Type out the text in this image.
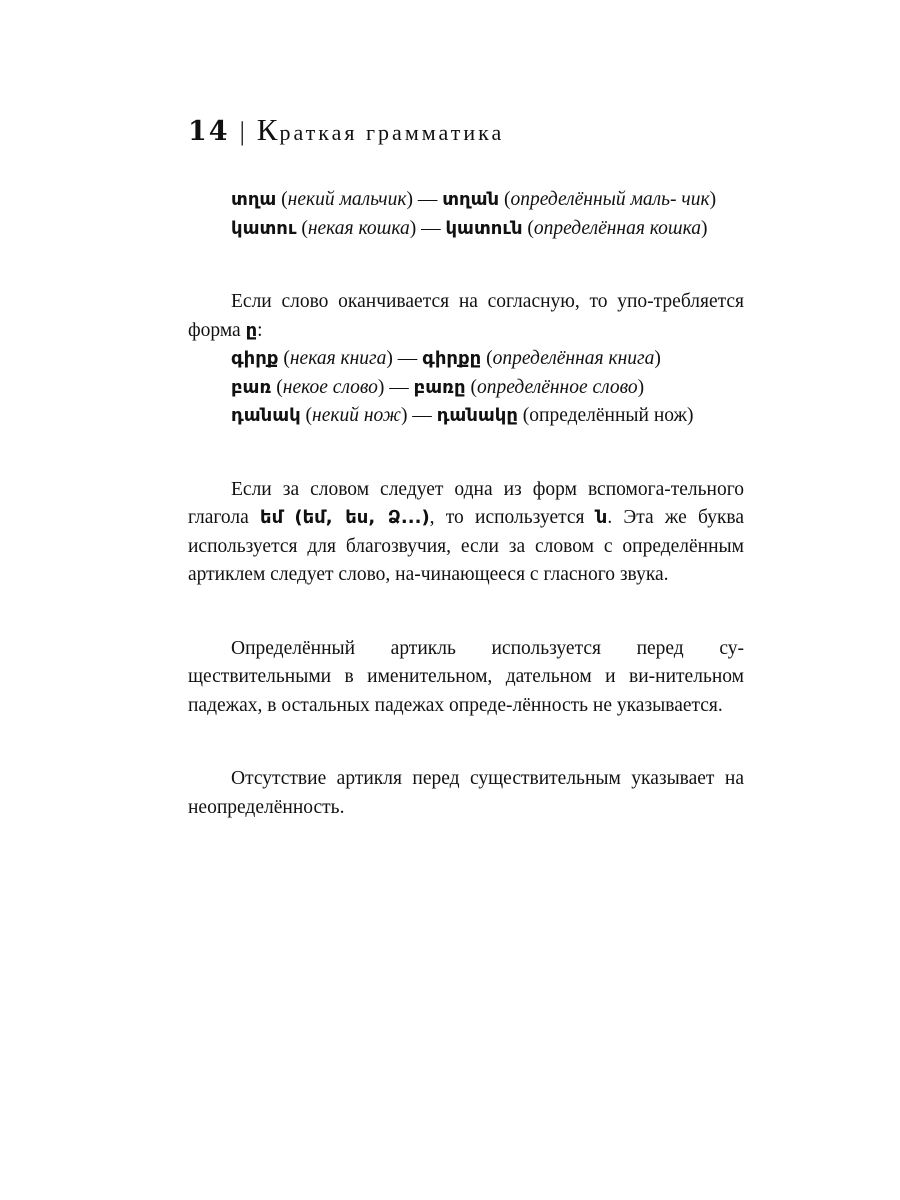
14 | Краткая грамматика

տղա (некий мальчик) — տղան (определённый маль- чик)

կատու (некая кошка) — կատուն (определённая кошка)

Если слово оканчивается на согласную, то упо-требляется форма ը:

գիրք (некая книга) — գիրքը (определённая книга)

բառ (некое слово) — բառը (определённое слово)

դանակ (некий нож) — դանակը (определённый нож)

Если за словом следует одна из форм вспомога-тельного глагола եմ (եմ, ես, Ձ...), то используется ն. Эта же буква используется для благозвучия, если за словом с определённым артиклем следует слово, на-чинающееся с гласного звука.

Определённый артикль используется перед су-ществительными в именительном, дательном и ви-нительном падежах, в остальных падежах опреде-лённость не указывается.

Отсутствие артикля перед существительным указывает на неопределённость.
